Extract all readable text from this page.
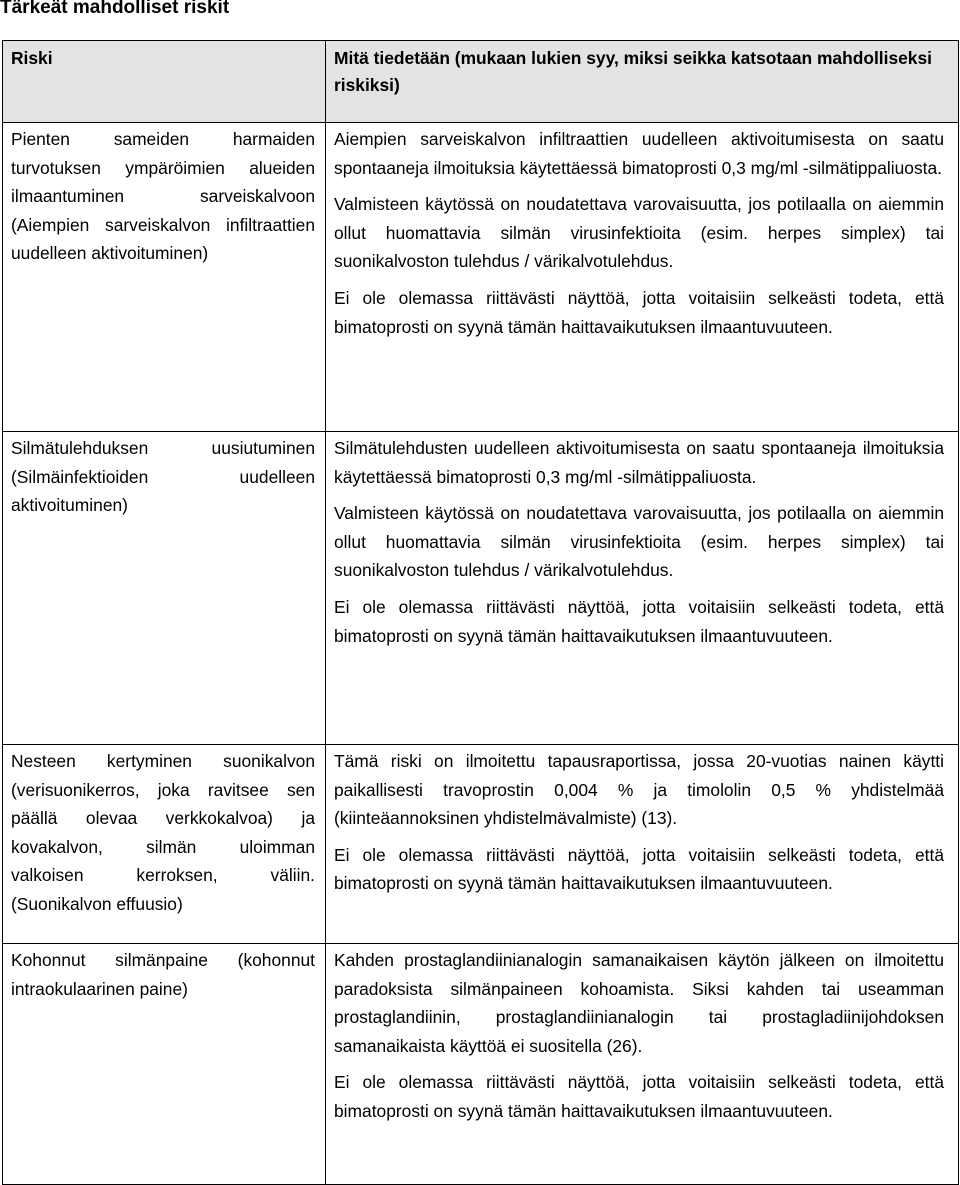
Tärkeät mahdolliset riskit
Riski	Mitä tiedetään (mukaan lukien syy, miksi seikka katsotaan mahdolliseksi riskiksi)
Pienten sameiden harmaiden turvotuksen ympäröimien alueiden ilmaantuminen sarveiskalvoon (Aiempien sarveiskalvon infiltraattien uudelleen aktivoituminen)	Aiempien sarveiskalvon infiltraattien uudelleen aktivoitumisesta on saatu spontaaneja ilmoituksia käytettäessä bimatoprosti 0,3 mg/ml -silmätippaliuosta.

Valmisteen käytössä on noudatettava varovaisuutta, jos potilaalla on aiemmin ollut huomattavia silmän virusinfektioita (esim. herpes simplex) tai suonikalvoston tulehdus / värikalvotulehdus.

Ei ole olemassa riittävästi näyttöä, jotta voitaisiin selkeästi todeta, että bimatoprosti on syynä tämän haittavaikutuksen ilmaantuvuuteen.

Silmätulehduksen uusiutuminen (Silmäinfektioiden uudelleen aktivoituminen)	Silmätulehdusten uudelleen aktivoitumisesta on saatu spontaaneja ilmoituksia käytettäessä bimatoprosti 0,3 mg/ml -silmätippaliuosta.

Valmisteen käytössä on noudatettava varovaisuutta, jos potilaalla on aiemmin ollut huomattavia silmän virusinfektioita (esim. herpes simplex) tai suonikalvoston tulehdus / värikalvotulehdus.

Ei ole olemassa riittävästi näyttöä, jotta voitaisiin selkeästi todeta, että bimatoprosti on syynä tämän haittavaikutuksen ilmaantuvuuteen.

Nesteen kertyminen suonikalvon (verisuonikerros, joka ravitsee sen päällä olevaa verkkokalvoa) ja kovakalvon, silmän uloimman valkoisen kerroksen, väliin. (Suonikalvon effuusio)	Tämä riski on ilmoitettu tapausraportissa, jossa 20-vuotias nainen käytti paikallisesti travoprostin 0,004 % ja timololin 0,5 % yhdistelmää (kiinteäannoksinen yhdistelmävalmiste) (13).

Ei ole olemassa riittävästi näyttöä, jotta voitaisiin selkeästi todeta, että bimatoprosti on syynä tämän haittavaikutuksen ilmaantuvuuteen.

Kohonnut silmänpaine (kohonnut intraokulaarinen paine)	Kahden prostaglandiinianalogin samanaikaisen käytön jälkeen on ilmoitettu paradoksista silmänpaineen kohoamista. Siksi kahden tai useamman prostaglandiinin, prostaglandiinianalogin tai prostagladiinijohdoksen samanaikaista käyttöä ei suositella (26).

Ei ole olemassa riittävästi näyttöä, jotta voitaisiin selkeästi todeta, että bimatoprosti on syynä tämän haittavaikutuksen ilmaantuvuuteen.
